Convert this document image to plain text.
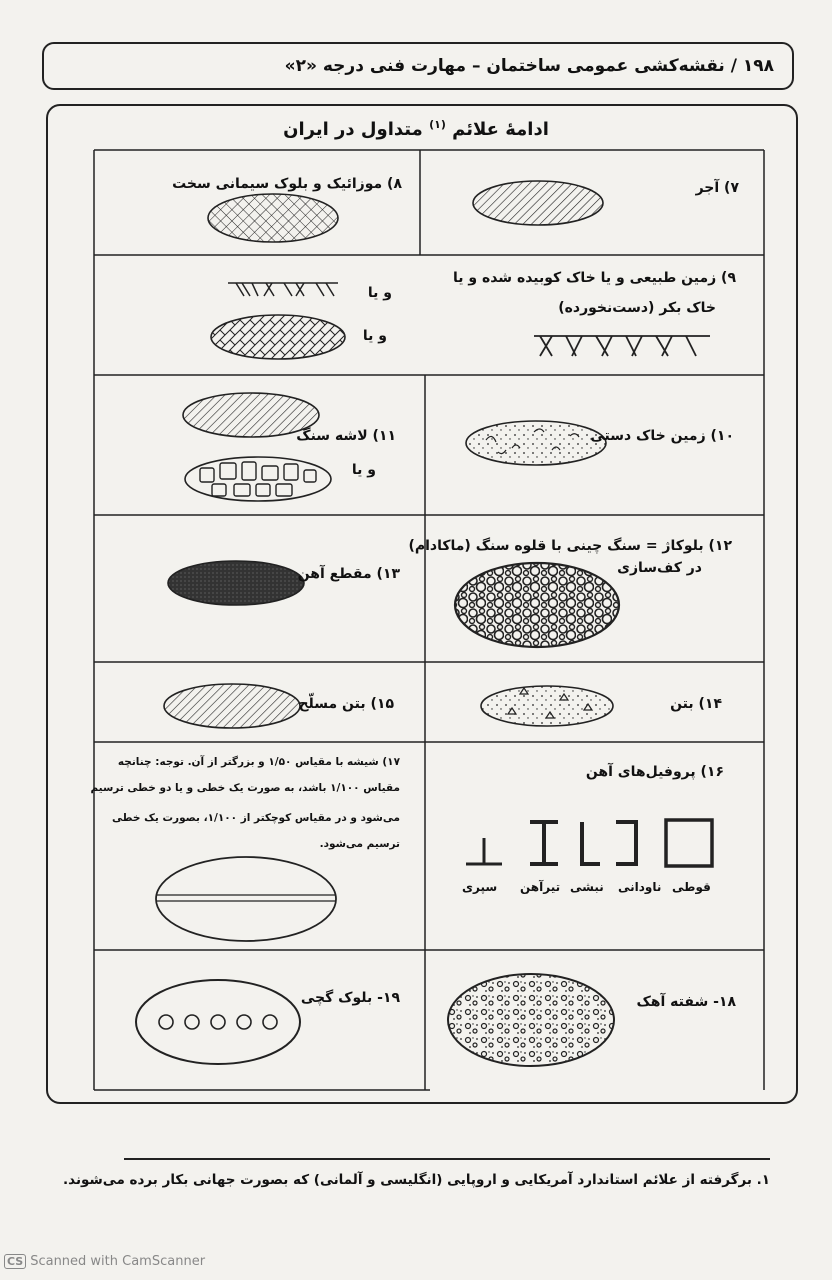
۱۹۸ / نقشه‌کشی عمومی ساختمان – مهارت فنی درجه «۲»
ادامهٔ علائم $^{(۱)}$ متداول در ایران
۷) آجر
۸) موزائیک و بلوک سیمانی سخت
۹) زمین طبیعی و یا خاک کوبیده شده و یا
خاک بکر (دست‌نخورده)
و یا
و یا
۱۰) زمین خاک دستی
۱۱) لاشه سنگ
و یا
۱۲) بلوکاژ = سنگ چینی با قلوه سنگ (ماکادام)
در کف‌سازی
۱۳) مقطع آهن
۱۴) بتن
۱۵) بتن مسلّح
۱۶) پروفیل‌های آهن
قوطی
ناودانی
نبشی
تیرآهن
سپری
۱۷) شیشه با مقیاس ۱/۵۰ و بزرگتر از آن. توجه: چنانچه
مقیاس ۱/۱۰۰ باشد، به صورت یک خطی و یا دو خطی ترسیم
می‌شود و در مقیاس کوچکتر از ۱/۱۰۰، بصورت یک خطی
ترسیم می‌شود.
۱۸- شفته آهک
۱۹- بلوک گچی
۱. برگرفته از علائم استاندارد آمریکایی و اروپایی (انگلیسی و آلمانی) که بصورت جهانی بکار برده می‌شوند.
CS Scanned with CamScanner
